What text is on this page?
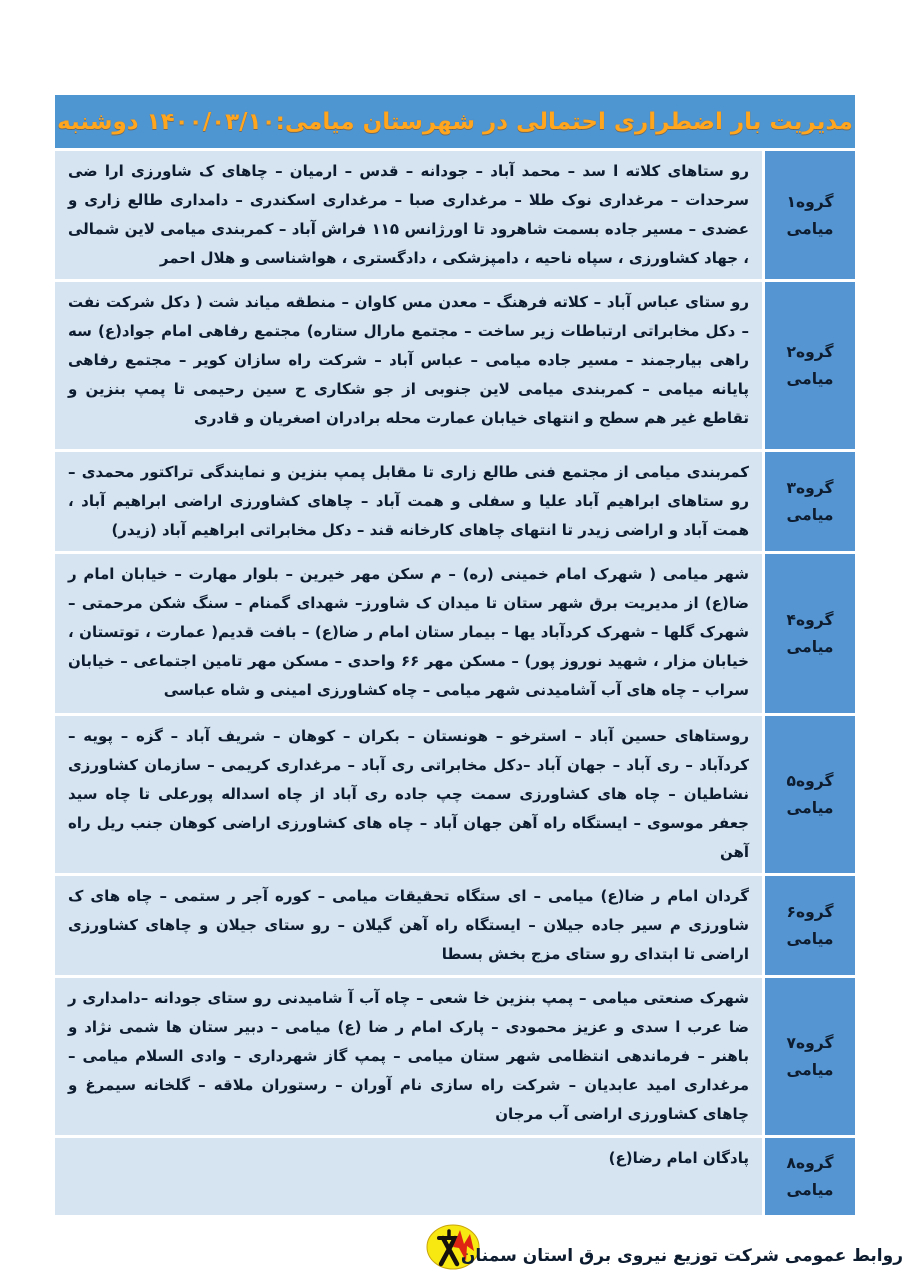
مدیریت بار اضطراری احتمالی در شهرستان میامی:۱۴۰۰/۰۳/۱۰ دوشنبه
گروه۱
میامی
رو ستاهای کلاته ا سد – محمد آباد – جودانه – قدس – ارمیان – چاهای ک شاورزی ارا ضی سرحدات – مرغداری نوک طلا – مرغداری صبا – مرغداری اسکندری – دامداری طالع زاری و عضدی – مسیر جاده بسمت شاهرود تا اورژانس ۱۱۵ فراش آباد – کمربندی میامی لاین شمالی ، جهاد کشاورزی ، سپاه ناحیه ، دامپزشکی ، دادگستری ، هواشناسی و هلال احمر
گروه۲
میامی
رو ستای عباس آباد – کلاته فرهنگ – معدن مس کاوان – منطقه میاند شت ( دکل شرکت نفت – دکل مخابراتی ارتباطات زیر ساخت – مجتمع مارال ستاره) مجتمع رفاهی امام جواد(ع) سه راهی بیارجمند – مسیر جاده میامی – عباس آباد – شرکت راه سازان کویر – مجتمع رفاهی پایانه میامی – کمربندی میامی لاین جنوبی از جو شکاری ح سین رحیمی تا پمپ بنزین و تقاطع غیر هم سطح و انتهای خیابان عمارت محله برادران اصغریان و قادری
گروه۳
میامی
کمربندی میامی از مجتمع فنی طالع زاری تا مقابل پمپ بنزین و نمایندگی تراکتور محمدی – رو ستاهای ابراهیم آباد علیا و سفلی و همت آباد – چاهای کشاورزی اراضی ابراهیم آباد ، همت آباد و اراضی زیدر تا انتهای چاهای کارخانه قند – دکل مخابراتی ابراهیم آباد (زیدر)
گروه۴
میامی
شهر میامی ( شهرک امام خمینی (ره) – م سکن مهر خیرین – بلوار مهارت – خیابان امام ر ضا(ع) از مدیریت برق شهر ستان تا میدان ک شاورز– شهدای گمنام – سنگ شکن مرحمتی – شهرک گلها – شهرک کردآباد یها – بیمار ستان امام ر ضا(ع) – بافت قدیم( عمارت ، توتستان ، خیابان مزار ، شهید نوروز پور) – مسکن مهر ۶۶ واحدی – مسکن مهر تامین اجتماعی – خیابان سراب – چاه های آب آشامیدنی شهر میامی – چاه کشاورزی امینی و شاه عباسی
گروه۵
میامی
روستاهای حسین آباد – استرخو – هونستان – بکران – کوهان – شریف آباد – گزه – پویه – کردآباد – ری آباد – جهان آباد –دکل مخابراتی ری آباد – مرغداری کریمی – سازمان کشاورزی نشاطیان – چاه های کشاورزی سمت چپ جاده ری آباد از چاه اسداله پورعلی تا چاه سید جعفر موسوی – ایستگاه راه آهن جهان آباد – چاه های کشاورزی اراضی کوهان جنب ریل راه آهن
گروه۶
میامی
گردان امام ر ضا(ع) میامی – ای ستگاه تحقیقات میامی – کوره آجر ر ستمی – چاه های ک شاورزی م سیر جاده جیلان – ایستگاه راه آهن گیلان – رو ستای جیلان و چاهای کشاورزی اراضی تا ابتدای رو ستای مزج بخش بسطا
گروه۷
میامی
شهرک صنعتی میامی – پمپ بنزین خا شعی – چاه آب آ شامیدنی رو ستای جودانه –دامداری ر ضا عرب ا سدی و عزیز محمودی – پارک امام ر ضا (ع) میامی – دبیر ستان ها شمی نژاد و باهنر – فرماندهی انتظامی شهر ستان میامی – پمپ گاز شهرداری – وادی السلام میامی – مرغداری امید عابدیان – شرکت راه سازی نام آوران – رستوران ملاقه – گلخانه سیمرغ و چاهای کشاورزی اراضی آب مرجان
گروه۸
میامی
پادگان امام رضا(ع)
روابط عمومی شرکت توزیع نیروی برق استان سمنان
